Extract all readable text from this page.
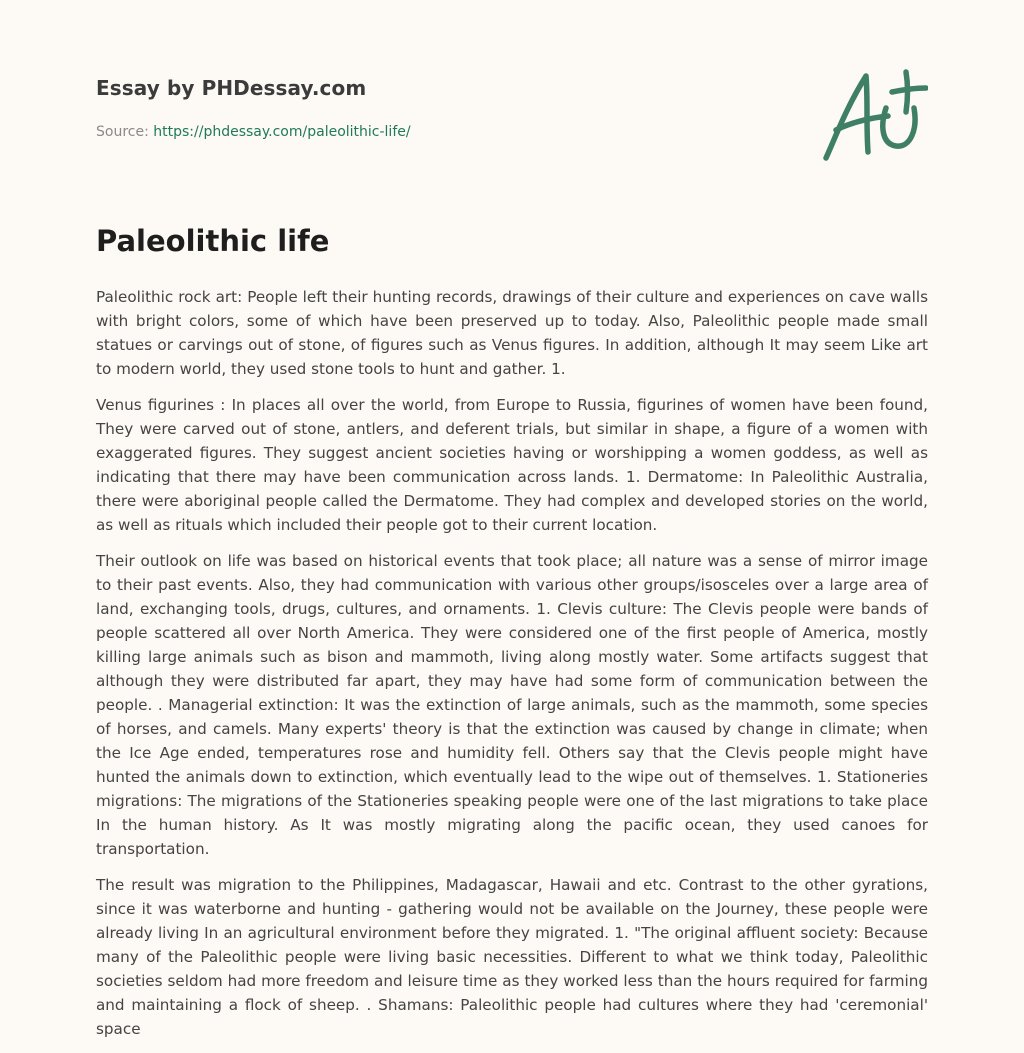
Essay by PHDessay.com
Source: https://phdessay.com/paleolithic-life/
Paleolithic life

Paleolithic rock art: People left their hunting records, drawings of their culture and experiences on cave walls with bright colors, some of which have been preserved up to today. Also, Paleolithic people made small statues or carvings out of stone, of figures such as Venus figures. In addition, although It may seem Like art to modern world, they used stone tools to hunt and gather. 1.

Venus figurines : In places all over the world, from Europe to Russia, figurines of women have been found, They were carved out of stone, antlers, and deferent trials, but similar in shape, a figure of a women with exaggerated figures. They suggest ancient societies having or worshipping a women goddess, as well as indicating that there may have been communication across lands. 1. Dermatome: In Paleolithic Australia, there were aboriginal people called the Dermatome. They had complex and developed stories on the world, as well as rituals which included their people got to their current location.

Their outlook on life was based on historical events that took place; all nature was a sense of mirror image to their past events. Also, they had communication with various other groups/isosceles over a large area of land, exchanging tools, drugs, cultures, and ornaments. 1. Clevis culture: The Clevis people were bands of people scattered all over North America. They were considered one of the first people of America, mostly killing large animals such as bison and mammoth, living along mostly water. Some artifacts suggest that although they were distributed far apart, they may have had some form of communication between the people. . Managerial extinction: It was the extinction of large animals, such as the mammoth, some species of horses, and camels. Many experts' theory is that the extinction was caused by change in climate; when the Ice Age ended, temperatures rose and humidity fell. Others say that the Clevis people might have hunted the animals down to extinction, which eventually lead to the wipe out of themselves. 1. Stationeries migrations: The migrations of the Stationeries speaking people were one of the last migrations to take place In the human history. As It was mostly migrating along the pacific ocean, they used canoes for transportation.

The result was migration to the Philippines, Madagascar, Hawaii and etc. Contrast to the other gyrations, since it was waterborne and hunting - gathering would not be available on the Journey, these people were already living In an agricultural environment before they migrated. 1. "The original affluent society: Because many of the Paleolithic people were living basic necessities. Different to what we think today, Paleolithic societies seldom had more freedom and leisure time as they worked less than the hours required for farming and maintaining a flock of sheep. . Shamans: Paleolithic people had cultures where they had 'ceremonial' space
